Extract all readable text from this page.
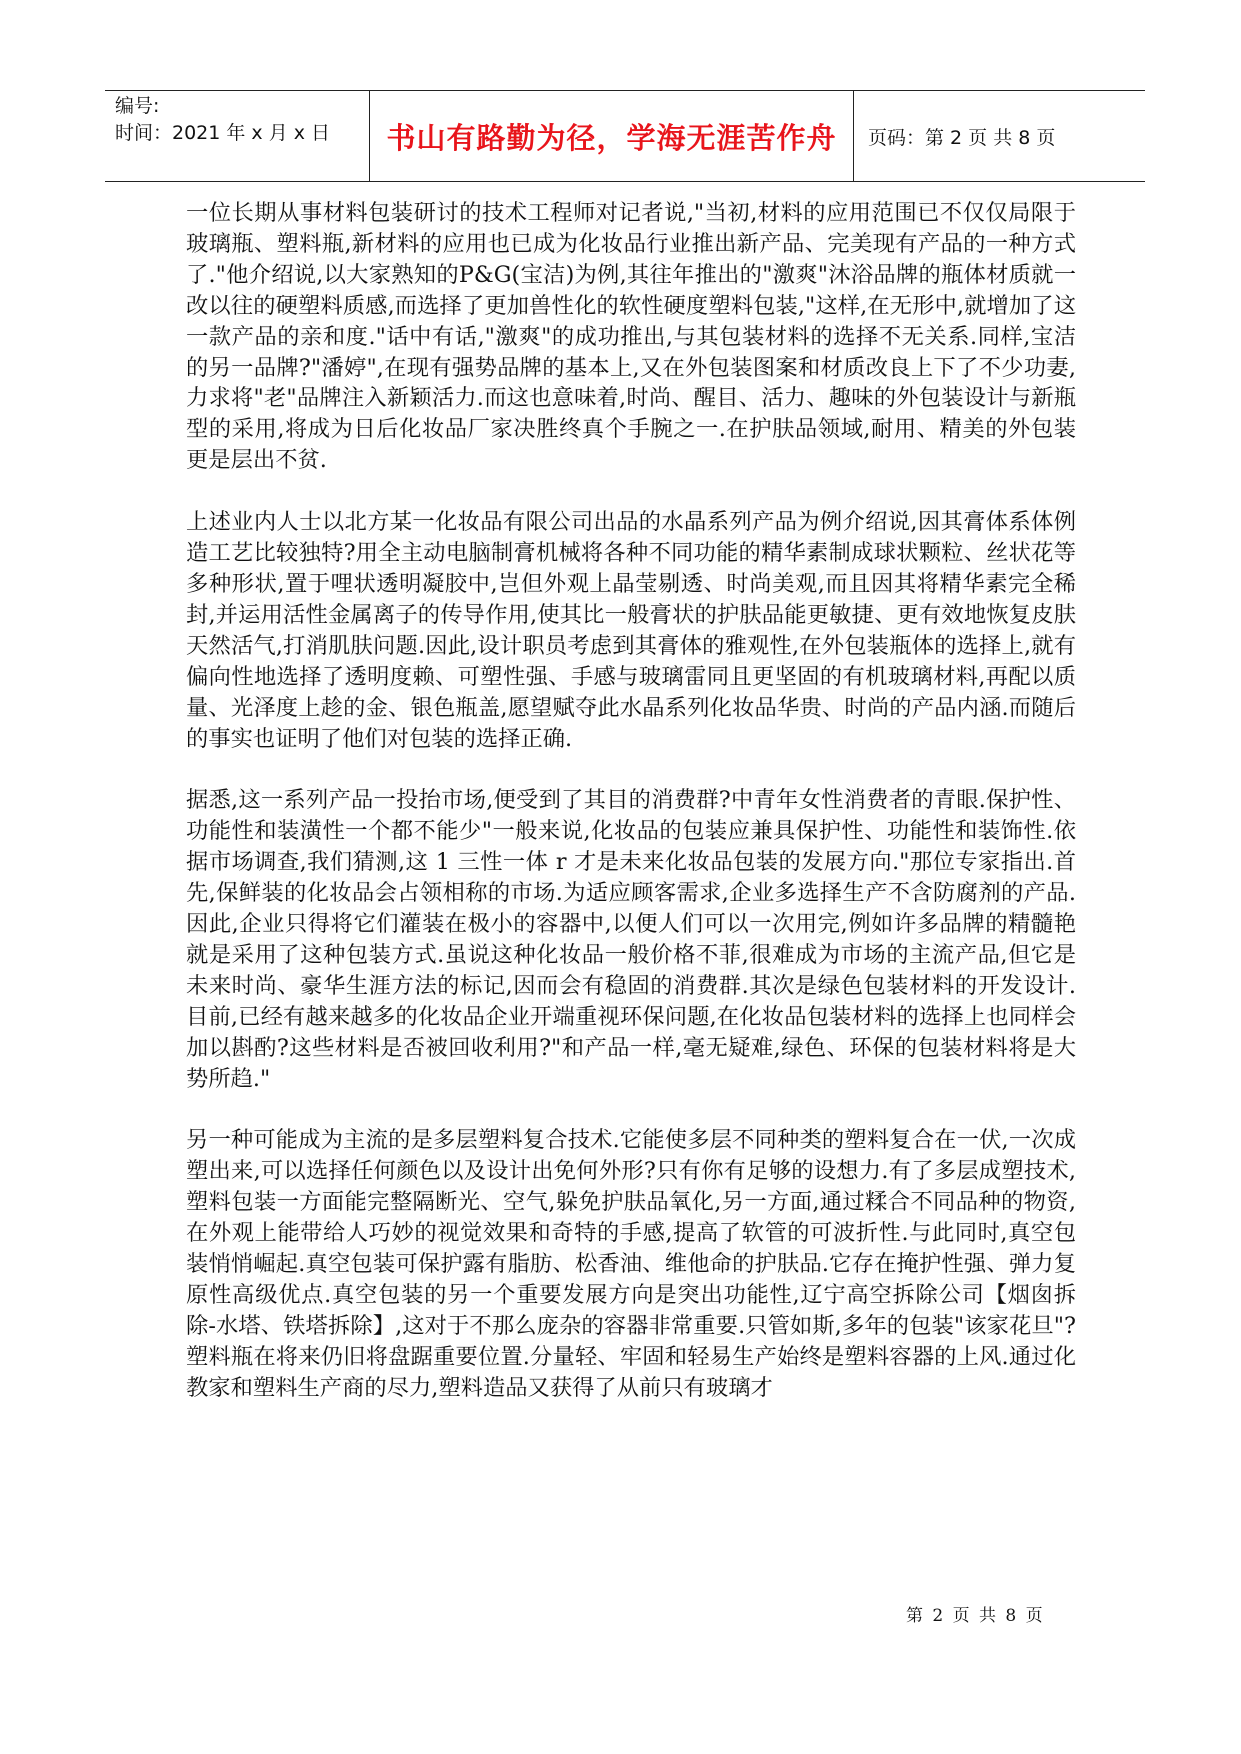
编号:
时间：2021 年 x 月 x 日	书山有路勤为径，学海无涯苦作舟	页码：第 2 页 共 8 页

一位长期从事材料包装研讨的技术工程师对记者说,"当初,材料的应用范围已不仅仅局限于玻璃瓶、塑料瓶,新材料的应用也已成为化妆品行业推出新产品、完美现有产品的一种方式了."他介绍说,以大家熟知的P&G(宝洁)为例,其往年推出的"激爽"沐浴品牌的瓶体材质就一改以往的硬塑料质感,而选择了更加兽性化的软性硬度塑料包装,"这样,在无形中,就增加了这一款产品的亲和度."话中有话,"激爽"的成功推出,与其包装材料的选择不无关系.同样,宝洁的另一品牌?"潘婷",在现有强势品牌的基本上,又在外包装图案和材质改良上下了不少功妻,力求将"老"品牌注入新颖活力.而这也意味着,时尚、醒目、活力、趣味的外包装设计与新瓶型的采用,将成为日后化妆品厂家决胜终真个手腕之一.在护肤品领域,耐用、精美的外包装更是层出不贫.

上述业内人士以北方某一化妆品有限公司出品的水晶系列产品为例介绍说,因其膏体系体例造工艺比较独特?用全主动电脑制膏机械将各种不同功能的精华素制成球状颗粒、丝状花等多种形状,置于哩状透明凝胶中,岂但外观上晶莹剔透、时尚美观,而且因其将精华素完全稀封,并运用活性金属离子的传导作用,使其比一般膏状的护肤品能更敏捷、更有效地恢复皮肤天然活气,打消肌肤问题.因此,设计职员考虑到其膏体的雅观性,在外包装瓶体的选择上,就有偏向性地选择了透明度赖、可塑性强、手感与玻璃雷同且更坚固的有机玻璃材料,再配以质量、光泽度上趁的金、银色瓶盖,愿望赋夺此水晶系列化妆品华贵、时尚的产品内涵.而随后的事实也证明了他们对包装的选择正确.

据悉,这一系列产品一投抬市场,便受到了其目的消费群?中青年女性消费者的青眼.保护性、功能性和装潢性一个都不能少"一般来说,化妆品的包装应兼具保护性、功能性和装饰性.依据市场调查,我们猜测,这 1 三性一体 r 才是未来化妆品包装的发展方向."那位专家指出.首先,保鲜装的化妆品会占领相称的市场.为适应顾客需求,企业多选择生产不含防腐剂的产品.因此,企业只得将它们灌装在极小的容器中,以便人们可以一次用完,例如许多品牌的精髓艳就是采用了这种包装方式.虽说这种化妆品一般价格不菲,很难成为市场的主流产品,但它是未来时尚、豪华生涯方法的标记,因而会有稳固的消费群.其次是绿色包装材料的开发设计.目前,已经有越来越多的化妆品企业开端重视环保问题,在化妆品包装材料的选择上也同样会加以斟酌?这些材料是否被回收利用?"和产品一样,毫无疑难,绿色、环保的包装材料将是大势所趋."

另一种可能成为主流的是多层塑料复合技术.它能使多层不同种类的塑料复合在一伏,一次成塑出来,可以选择任何颜色以及设计出免何外形?只有你有足够的设想力.有了多层成塑技术,塑料包装一方面能完整隔断光、空气,躲免护肤品氧化,另一方面,通过糅合不同品种的物资,在外观上能带给人巧妙的视觉效果和奇特的手感,提高了软管的可波折性.与此同时,真空包装悄悄崛起.真空包装可保护露有脂肪、松香油、维他命的护肤品.它存在掩护性强、弹力复原性高级优点.真空包装的另一个重要发展方向是突出功能性,辽宁高空拆除公司【烟囱拆除-水塔、铁塔拆除】,这对于不那么庞杂的容器非常重要.只管如斯,多年的包装"该家花旦"?塑料瓶在将来仍旧将盘踞重要位置.分量轻、牢固和轻易生产始终是塑料容器的上风.通过化教家和塑料生产商的尽力,塑料造品又获得了从前只有玻璃才

第 2 页 共 8 页
